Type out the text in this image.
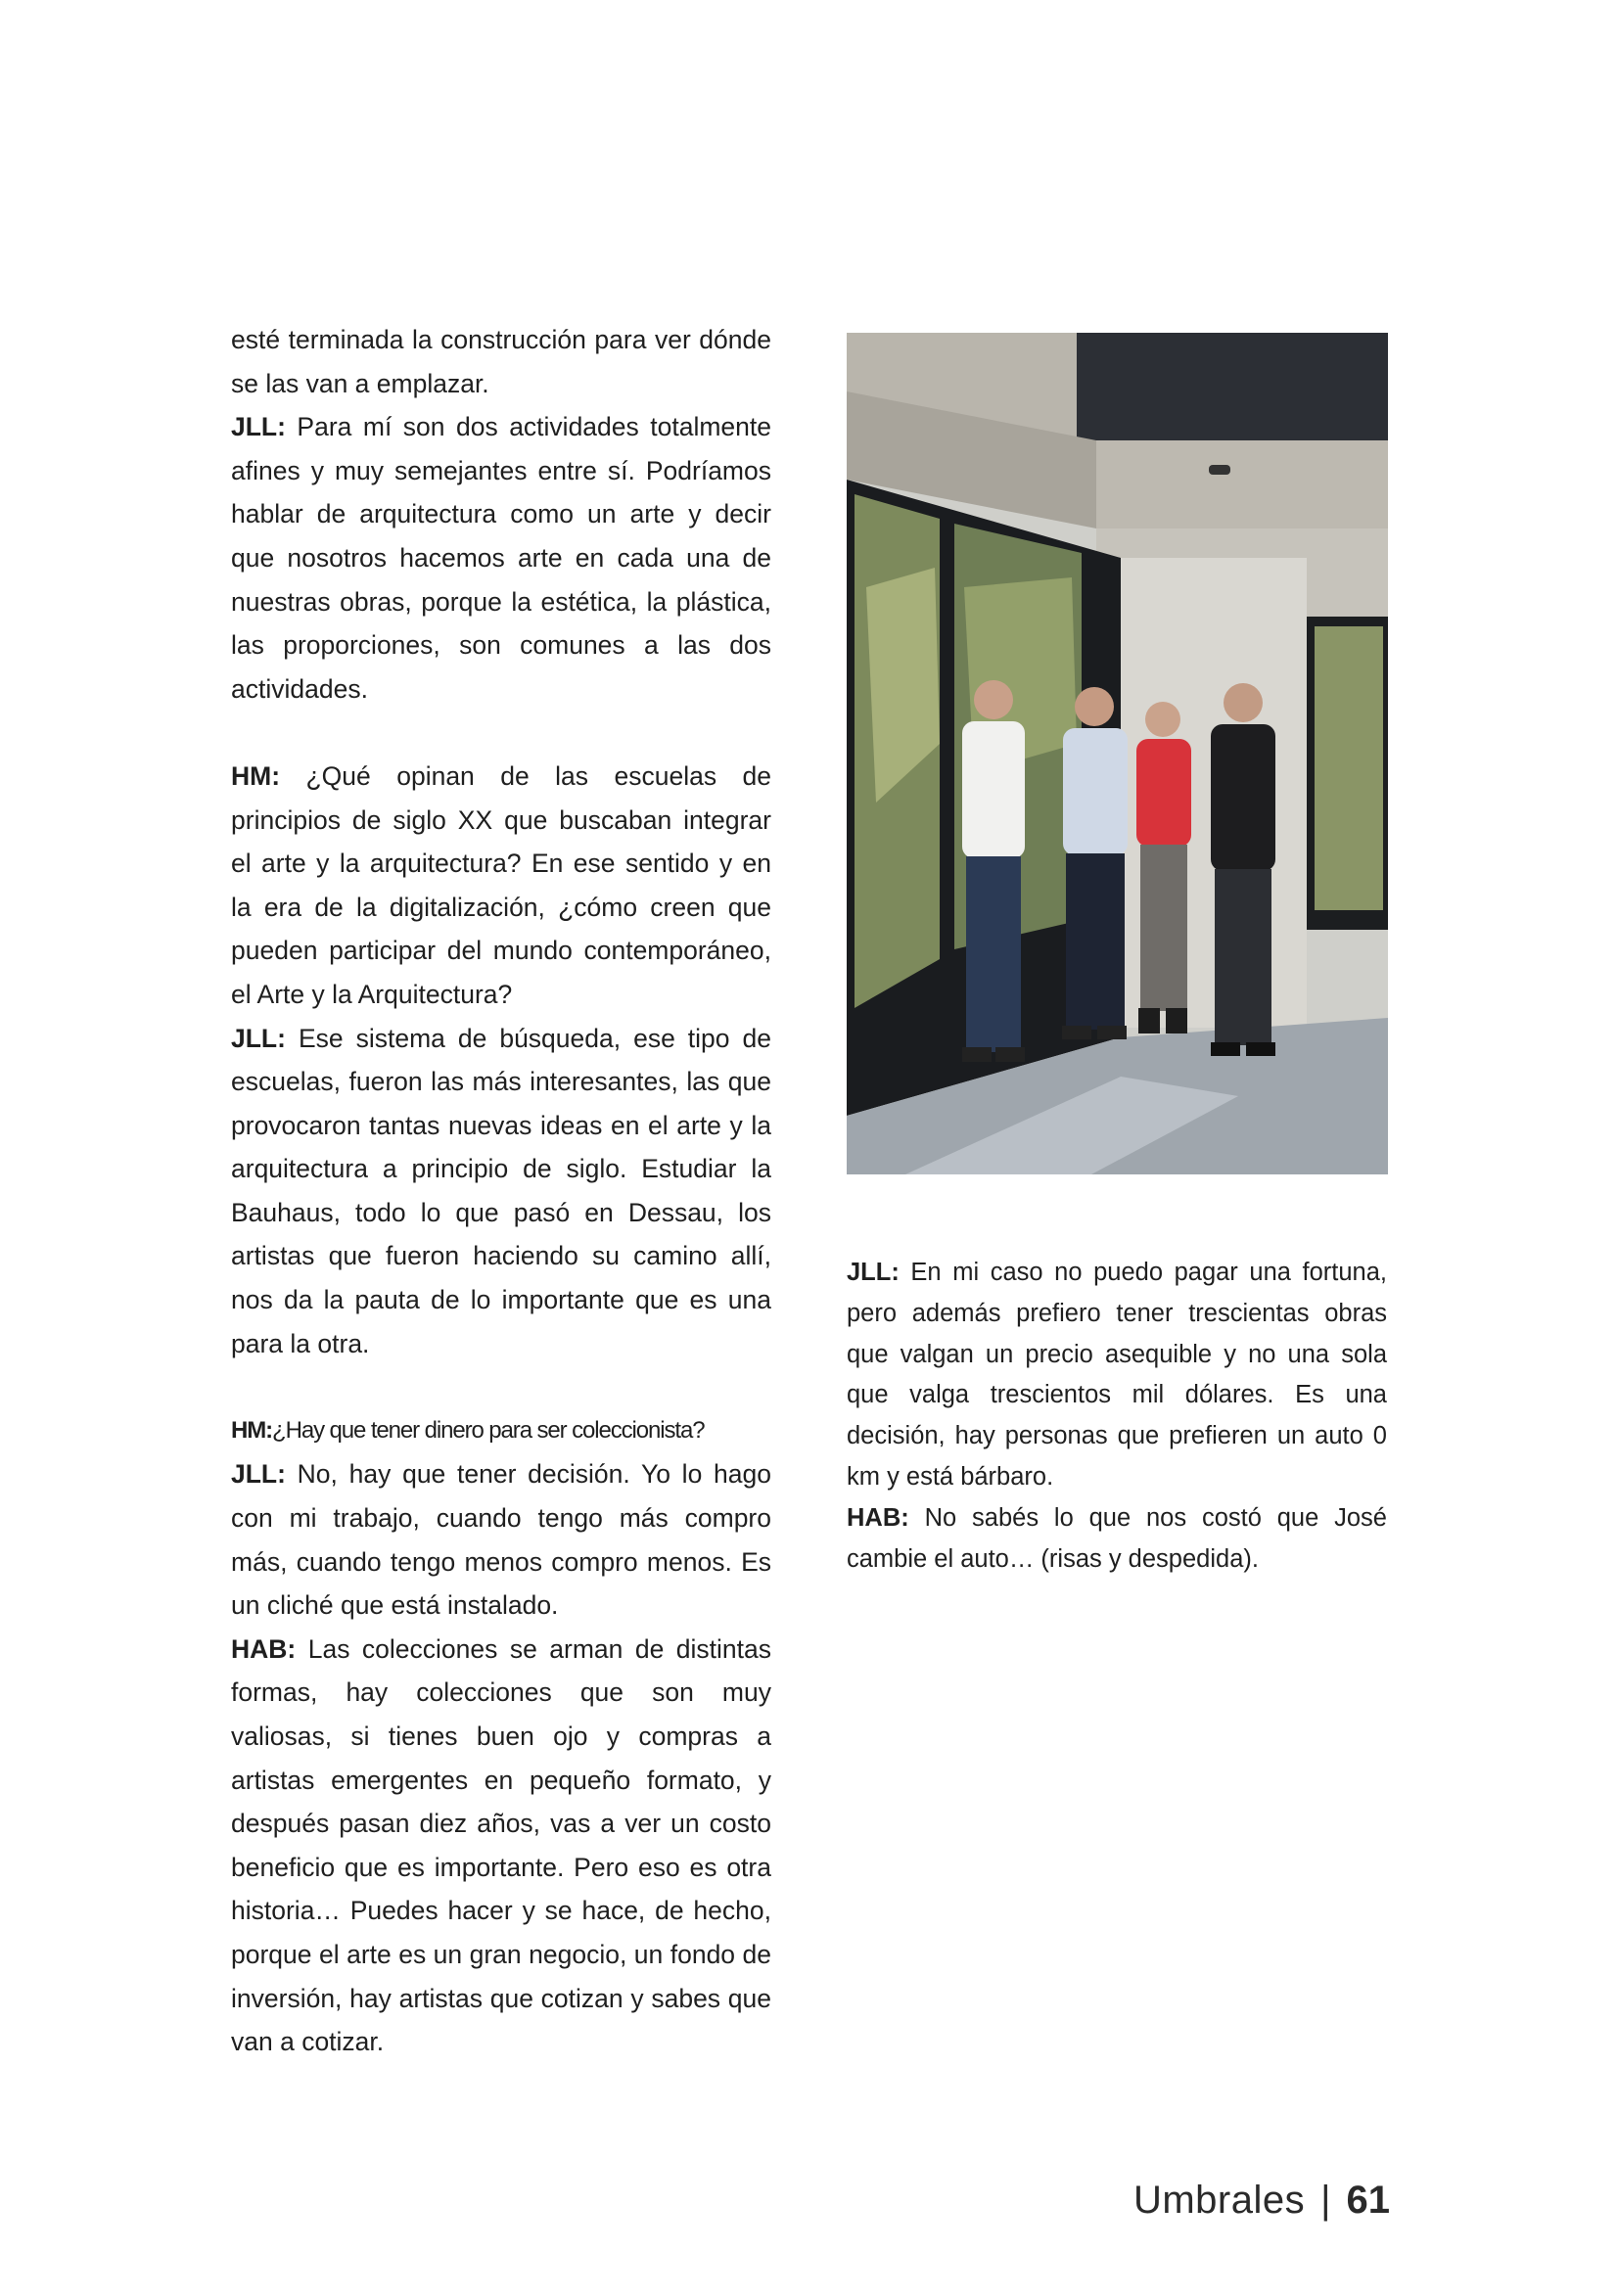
esté terminada la construcción para ver dónde se las van a emplazar.

JLL: Para mí son dos actividades totalmente afines y muy semejantes entre sí. Podríamos hablar de arquitectura como un arte y decir que nosotros hacemos arte en cada una de nuestras obras, porque la estética, la plástica, las proporciones, son comunes a las dos actividades.

HM: ¿Qué opinan de las escuelas de principios de siglo XX que buscaban integrar el arte y la arquitectura? En ese sentido y en la era de la digitalización, ¿cómo creen que pueden participar del mundo contemporáneo, el Arte y la Arquitectura?

JLL: Ese sistema de búsqueda, ese tipo de escuelas, fueron las más interesantes, las que provocaron tantas nuevas ideas en el arte y la arquitectura a principio de siglo. Estudiar la Bauhaus, todo lo que pasó en Dessau, los artistas que fueron haciendo su camino allí, nos da la pauta de lo importante que es una para la otra.

HM:¿Hay que tener dinero para ser coleccionista?

JLL: No, hay que tener decisión. Yo lo hago con mi trabajo, cuando tengo más compro más, cuando tengo menos compro menos. Es un cliché que está instalado.

HAB: Las colecciones se arman de distintas formas, hay colecciones que son muy valiosas, si tienes buen ojo y compras a artistas emergentes en pequeño formato, y después pasan diez años, vas a ver un costo beneficio que es importante. Pero eso es otra historia… Puedes hacer y se hace, de hecho, porque el arte es un gran negocio, un fondo de inversión, hay artistas que cotizan y sabes que van a cotizar.

JLL: En mi caso no puedo pagar una fortuna, pero además prefiero tener trescientas obras que valgan un precio asequible y no una sola que valga trescientos mil dólares. Es una decisión, hay personas que prefieren un auto 0 km y está bárbaro.

HAB: No sabés lo que nos costó que José cambie el auto… (risas y despedida).

Umbrales | 61
